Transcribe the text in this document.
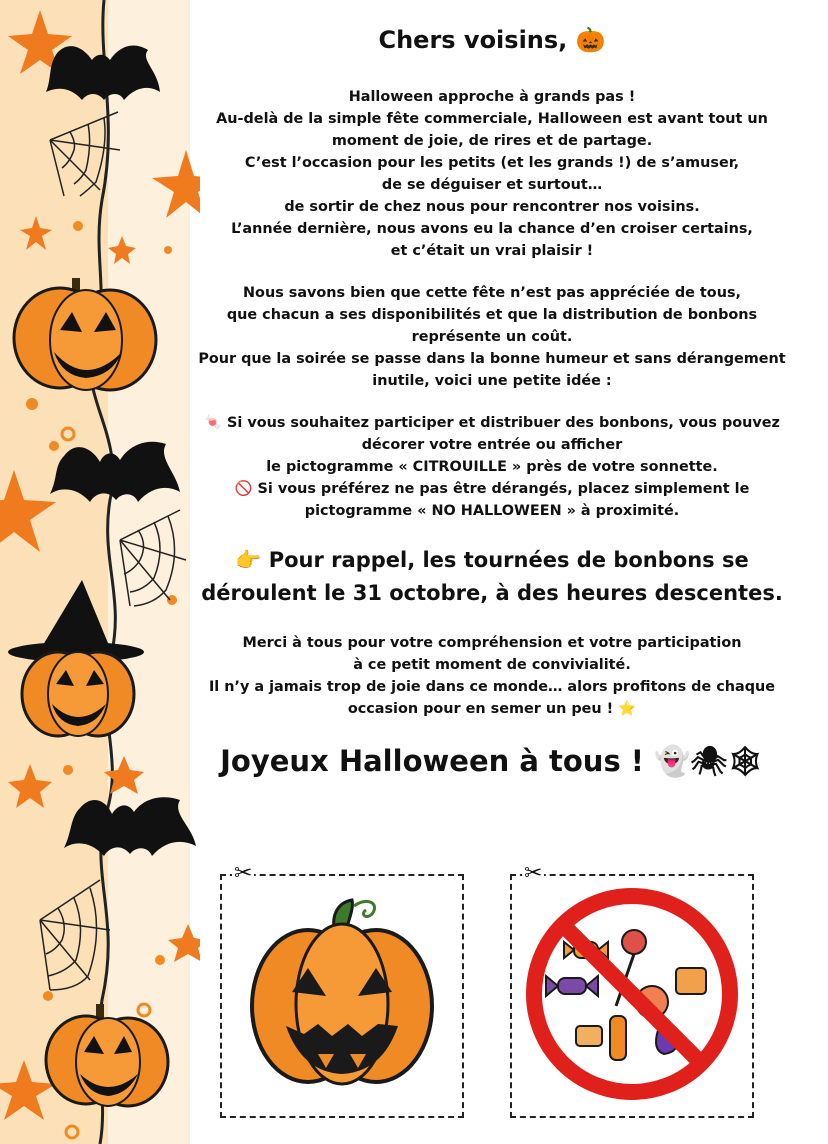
Chers voisins, 🎃
Halloween approche à grands pas !
Au-delà de la simple fête commerciale, Halloween est avant tout un
moment de joie, de rires et de partage.
C’est l’occasion pour les petits (et les grands !) de s’amuser,
de se déguiser et surtout…
de sortir de chez nous pour rencontrer nos voisins.
L’année dernière, nous avons eu la chance d’en croiser certains,
et c’était un vrai plaisir !
Nous savons bien que cette fête n’est pas appréciée de tous,
que chacun a ses disponibilités et que la distribution de bonbons
représente un coût.
Pour que la soirée se passe dans la bonne humeur et sans dérangement
inutile, voici une petite idée :
🍬 Si vous souhaitez participer et distribuer des bonbons, vous pouvez
décorer votre entrée ou afficher
le pictogramme « CITROUILLE » près de votre sonnette.
🚫 Si vous préférez ne pas être dérangés, placez simplement le
pictogramme « NO HALLOWEEN » à proximité.
👉 Pour rappel, les tournées de bonbons se
déroulent le 31 octobre, à des heures descentes.
Merci à tous pour votre compréhension et votre participation
à ce petit moment de convivialité.
Il n’y a jamais trop de joie dans ce monde… alors profitons de chaque
occasion pour en semer un peu ! ⭐
Joyeux Halloween à tous ! 👻🕷🕸
✂	✂
